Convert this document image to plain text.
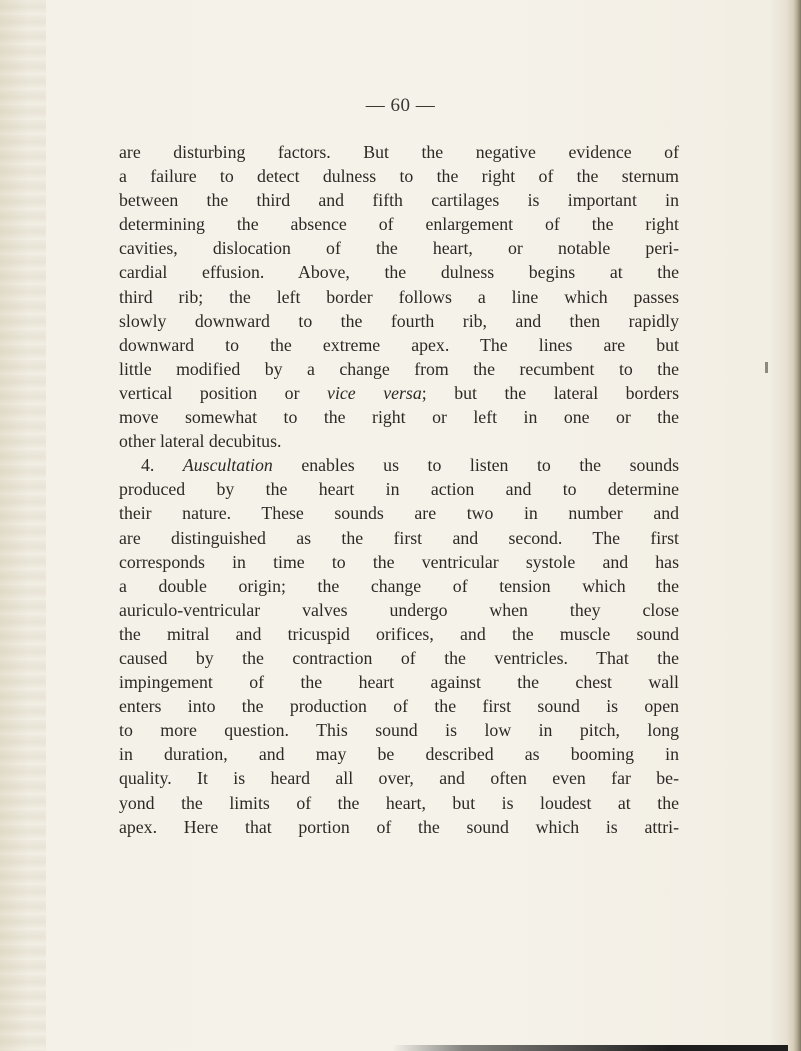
— 60 —
are disturbing factors. But the negative evidence of
a failure to detect dulness to the right of the sternum
between the third and fifth cartilages is important in
determining the absence of enlargement of the right
cavities, dislocation of the heart, or notable peri-
cardial effusion. Above, the dulness begins at the
third rib; the left border follows a line which passes
slowly downward to the fourth rib, and then rapidly
downward to the extreme apex. The lines are but
little modified by a change from the recumbent to the
vertical position or vice versa; but the lateral borders
move somewhat to the right or left in one or the
other lateral decubitus.
4. Auscultation enables us to listen to the sounds
produced by the heart in action and to determine
their nature. These sounds are two in number and
are distinguished as the first and second. The first
corresponds in time to the ventricular systole and has
a double origin; the change of tension which the
auriculo-ventricular valves undergo when they close
the mitral and tricuspid orifices, and the muscle sound
caused by the contraction of the ventricles. That the
impingement of the heart against the chest wall
enters into the production of the first sound is open
to more question. This sound is low in pitch, long
in duration, and may be described as booming in
quality. It is heard all over, and often even far be-
yond the limits of the heart, but is loudest at the
apex. Here that portion of the sound which is attri-
